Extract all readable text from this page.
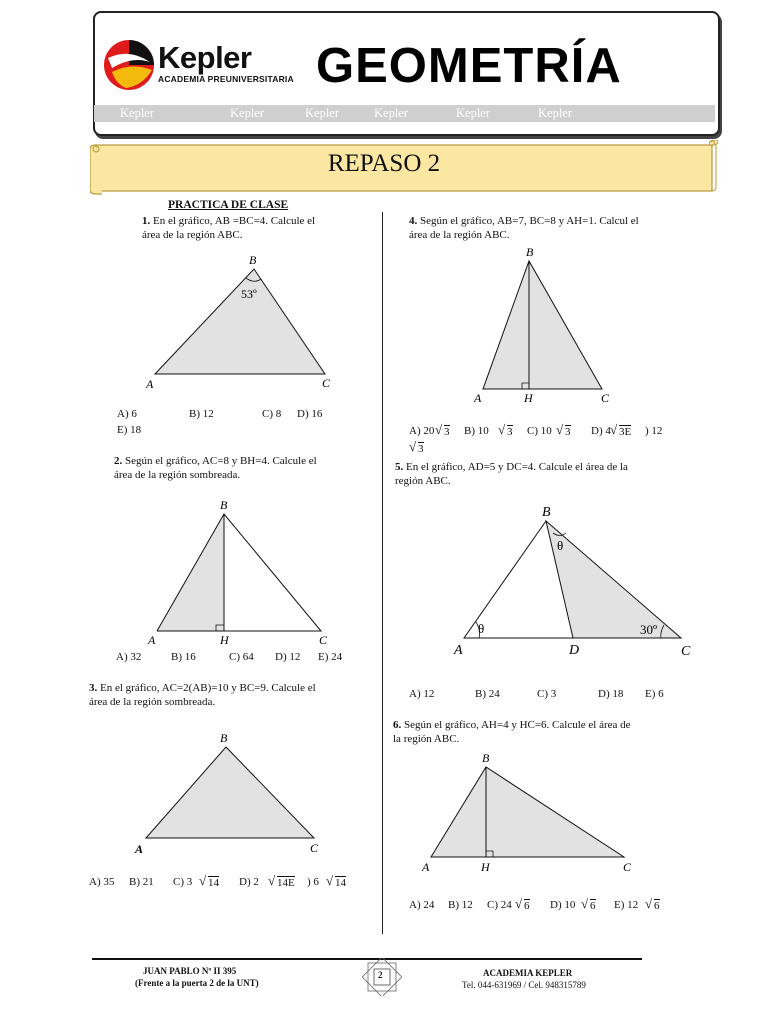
Kepler
ACADEMIA PREUNIVERSITARIA GEOMETRÍA
Kepler	Kepler	Kepler	Kepler	Kepler	Kepler
REPASO 2
PRACTICA DE CLASE
1. En el gráfico, AB =BC=4. Calcule el
área de la región ABC.
B
53º
A	C
A) 6	B) 12	C) 8 D) 16
E) 18
2. Según el gráfico, AC=8 y BH=4. Calcule el
área de la región sombreada.
B
A	H	C
A) 32	B) 16	C) 64 D) 12 E) 24
3. En el gráfico, AC=2(AB)=10 y BC=9. Calcule el
área de la región sombreada.
B
A	C
A) 35 B) 21 C) 3 √ 14 D) 2 √ 14E ) 6 √ 14
4. Según el gráfico, AB=7, BC=8 y AH=1. Calcul el
área de la región ABC.
B
A	H	C
A) 20 √ 3 B) 10 √ 3 C) 10 √ 3 D) 4 √ 3E ) 12
√ 3
5. En el gráfico, AD=5 y DC=4. Calcule el área de la
región ABC.
B
θ
θ	30º
A	D	C
A) 12	B) 24	C) 3	D) 18 E) 6
6. Según el gráfico, AH=4 y HC=6. Calcule el área de
la región ABC.
B
A	H	C
A) 24 B) 12 C) 24 √ 6 D) 10 √ 6 E) 12 √ 6
JUAN PABLO Nº II 395
(Frente a la puerta 2 de la UNT)
2	ACADEMIA KEPLER
Tel. 044-631969 / Cel. 948315789
